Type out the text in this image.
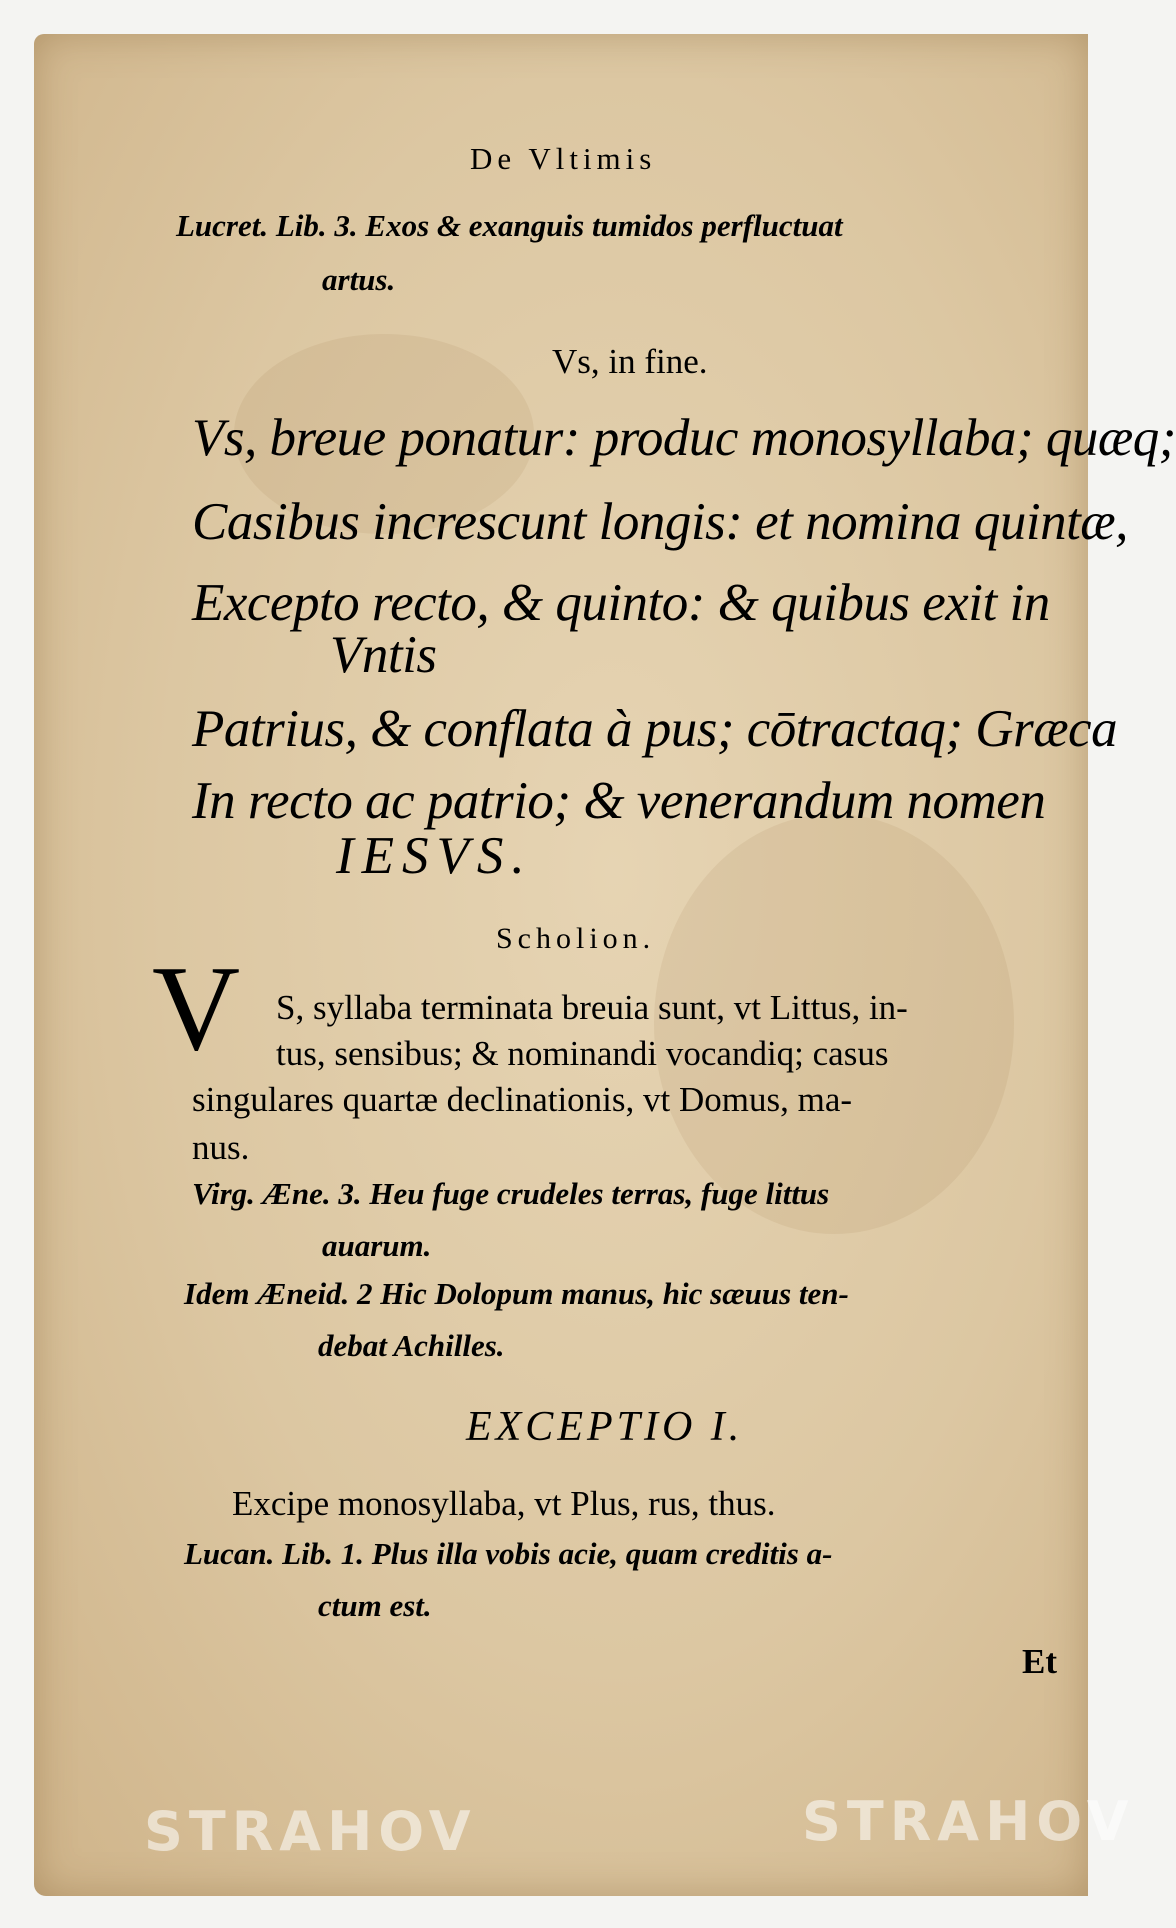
De Vltimis
Lucret. Lib. 3. Exos & exanguis tumidos perfluctuat
artus.
Vs, in fine.
Vs, breue ponatur: produc monosyllaba; quæq;
Casibus increscunt longis: et nomina quintæ,
Excepto recto, & quinto: & quibus exit in
Vntis
Patrius, & conflata à pus; cōtractaq; Græca
In recto ac patrio; & venerandum nomen
IESVS.
Scholion.
V S, syllaba terminata breuia sunt, vt Littus, in-
tus, sensibus; & nominandi vocandiq; casus
singulares quartæ declinationis, vt Domus, ma-
nus.
Virg. Æne. 3. Heu fuge crudeles terras, fuge littus
auarum.
Idem Æneid. 2 Hic Dolopum manus, hic sæuus ten-
debat Achilles.
EXCEPTIO I.
Excipe monosyllaba, vt Plus, rus, thus.
Lucan. Lib. 1. Plus illa vobis acie, quam creditis a-
ctum est.
Et
STRAHOV	STRAHOV
